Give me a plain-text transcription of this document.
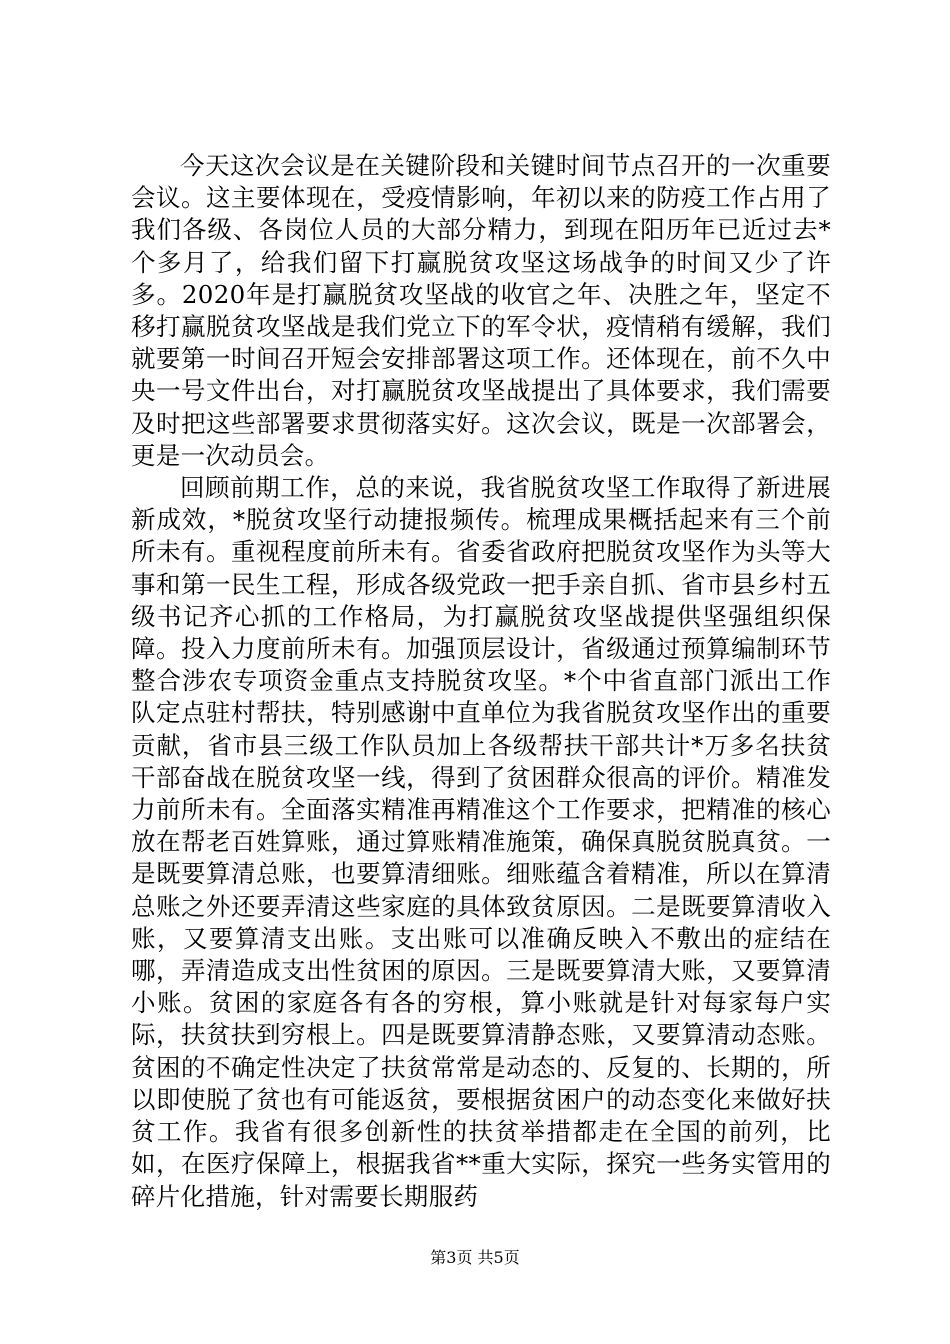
今天这次会议是在关键阶段和关键时间节点召开的一次重要会议。这主要体现在，受疫情影响，年初以来的防疫工作占用了我们各级、各岗位人员的大部分精力，到现在阳历年已近过去*个多月了，给我们留下打赢脱贫攻坚这场战争的时间又少了许多。2020年是打赢脱贫攻坚战的收官之年、决胜之年，坚定不移打赢脱贫攻坚战是我们党立下的军令状，疫情稍有缓解，我们就要第一时间召开短会安排部署这项工作。还体现在，前不久中央一号文件出台，对打赢脱贫攻坚战提出了具体要求，我们需要及时把这些部署要求贯彻落实好。这次会议，既是一次部署会，更是一次动员会。

回顾前期工作，总的来说，我省脱贫攻坚工作取得了新进展新成效，*脱贫攻坚行动捷报频传。梳理成果概括起来有三个前所未有。重视程度前所未有。省委省政府把脱贫攻坚作为头等大事和第一民生工程，形成各级党政一把手亲自抓、省市县乡村五级书记齐心抓的工作格局，为打赢脱贫攻坚战提供坚强组织保障。投入力度前所未有。加强顶层设计，省级通过预算编制环节整合涉农专项资金重点支持脱贫攻坚。*个中省直部门派出工作队定点驻村帮扶，特别感谢中直单位为我省脱贫攻坚作出的重要贡献，省市县三级工作队员加上各级帮扶干部共计*万多名扶贫干部奋战在脱贫攻坚一线，得到了贫困群众很高的评价。精准发力前所未有。全面落实精准再精准这个工作要求，把精准的核心放在帮老百姓算账，通过算账精准施策，确保真脱贫脱真贫。一是既要算清总账，也要算清细账。细账蕴含着精准，所以在算清总账之外还要弄清这些家庭的具体致贫原因。二是既要算清收入账，又要算清支出账。支出账可以准确反映入不敷出的症结在哪，弄清造成支出性贫困的原因。三是既要算清大账，又要算清小账。贫困的家庭各有各的穷根，算小账就是针对每家每户实际，扶贫扶到穷根上。四是既要算清静态账，又要算清动态账。贫困的不确定性决定了扶贫常常是动态的、反复的、长期的，所以即使脱了贫也有可能返贫，要根据贫困户的动态变化来做好扶贫工作。我省有很多创新性的扶贫举措都走在全国的前列，比如，在医疗保障上，根据我省**重大实际，探究一些务实管用的碎片化措施，针对需要长期服药

第3页 共5页
